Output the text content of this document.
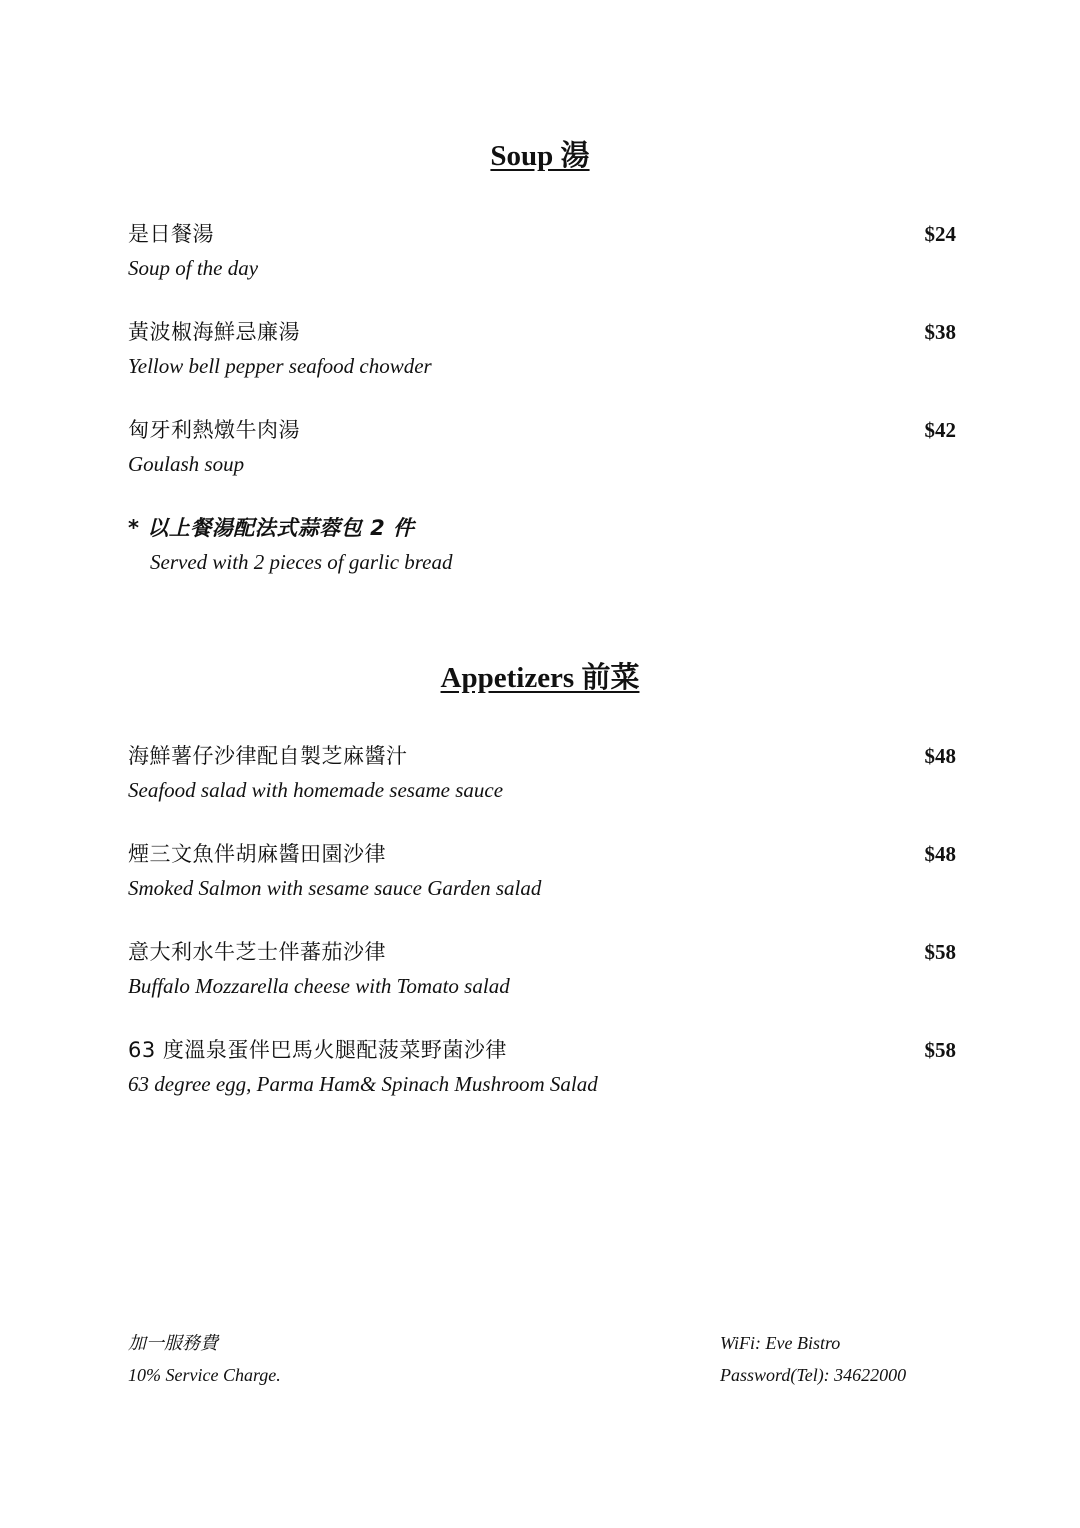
Soup 湯
是日餐湯
Soup of the day
$24
黃波椒海鮮忌廉湯
Yellow bell pepper seafood chowder
$38
匈牙利熱燉牛肉湯
Goulash soup
$42
* 以上餐湯配法式蒜蓉包 2 件
Served with 2 pieces of garlic bread
Appetizers 前菜
海鮮薯仔沙律配自製芝麻醬汁
Seafood salad with homemade sesame sauce
$48
煙三文魚伴胡麻醬田園沙律
Smoked Salmon with sesame sauce Garden salad
$48
意大利水牛芝士伴蕃茄沙律
Buffalo Mozzarella cheese with Tomato salad
$58
63 度溫泉蛋伴巴馬火腿配菠菜野菌沙律
63 degree egg, Parma Ham& Spinach Mushroom Salad
$58
加一服務費
10% Service Charge.
WiFi: Eve Bistro
Password(Tel): 34622000
